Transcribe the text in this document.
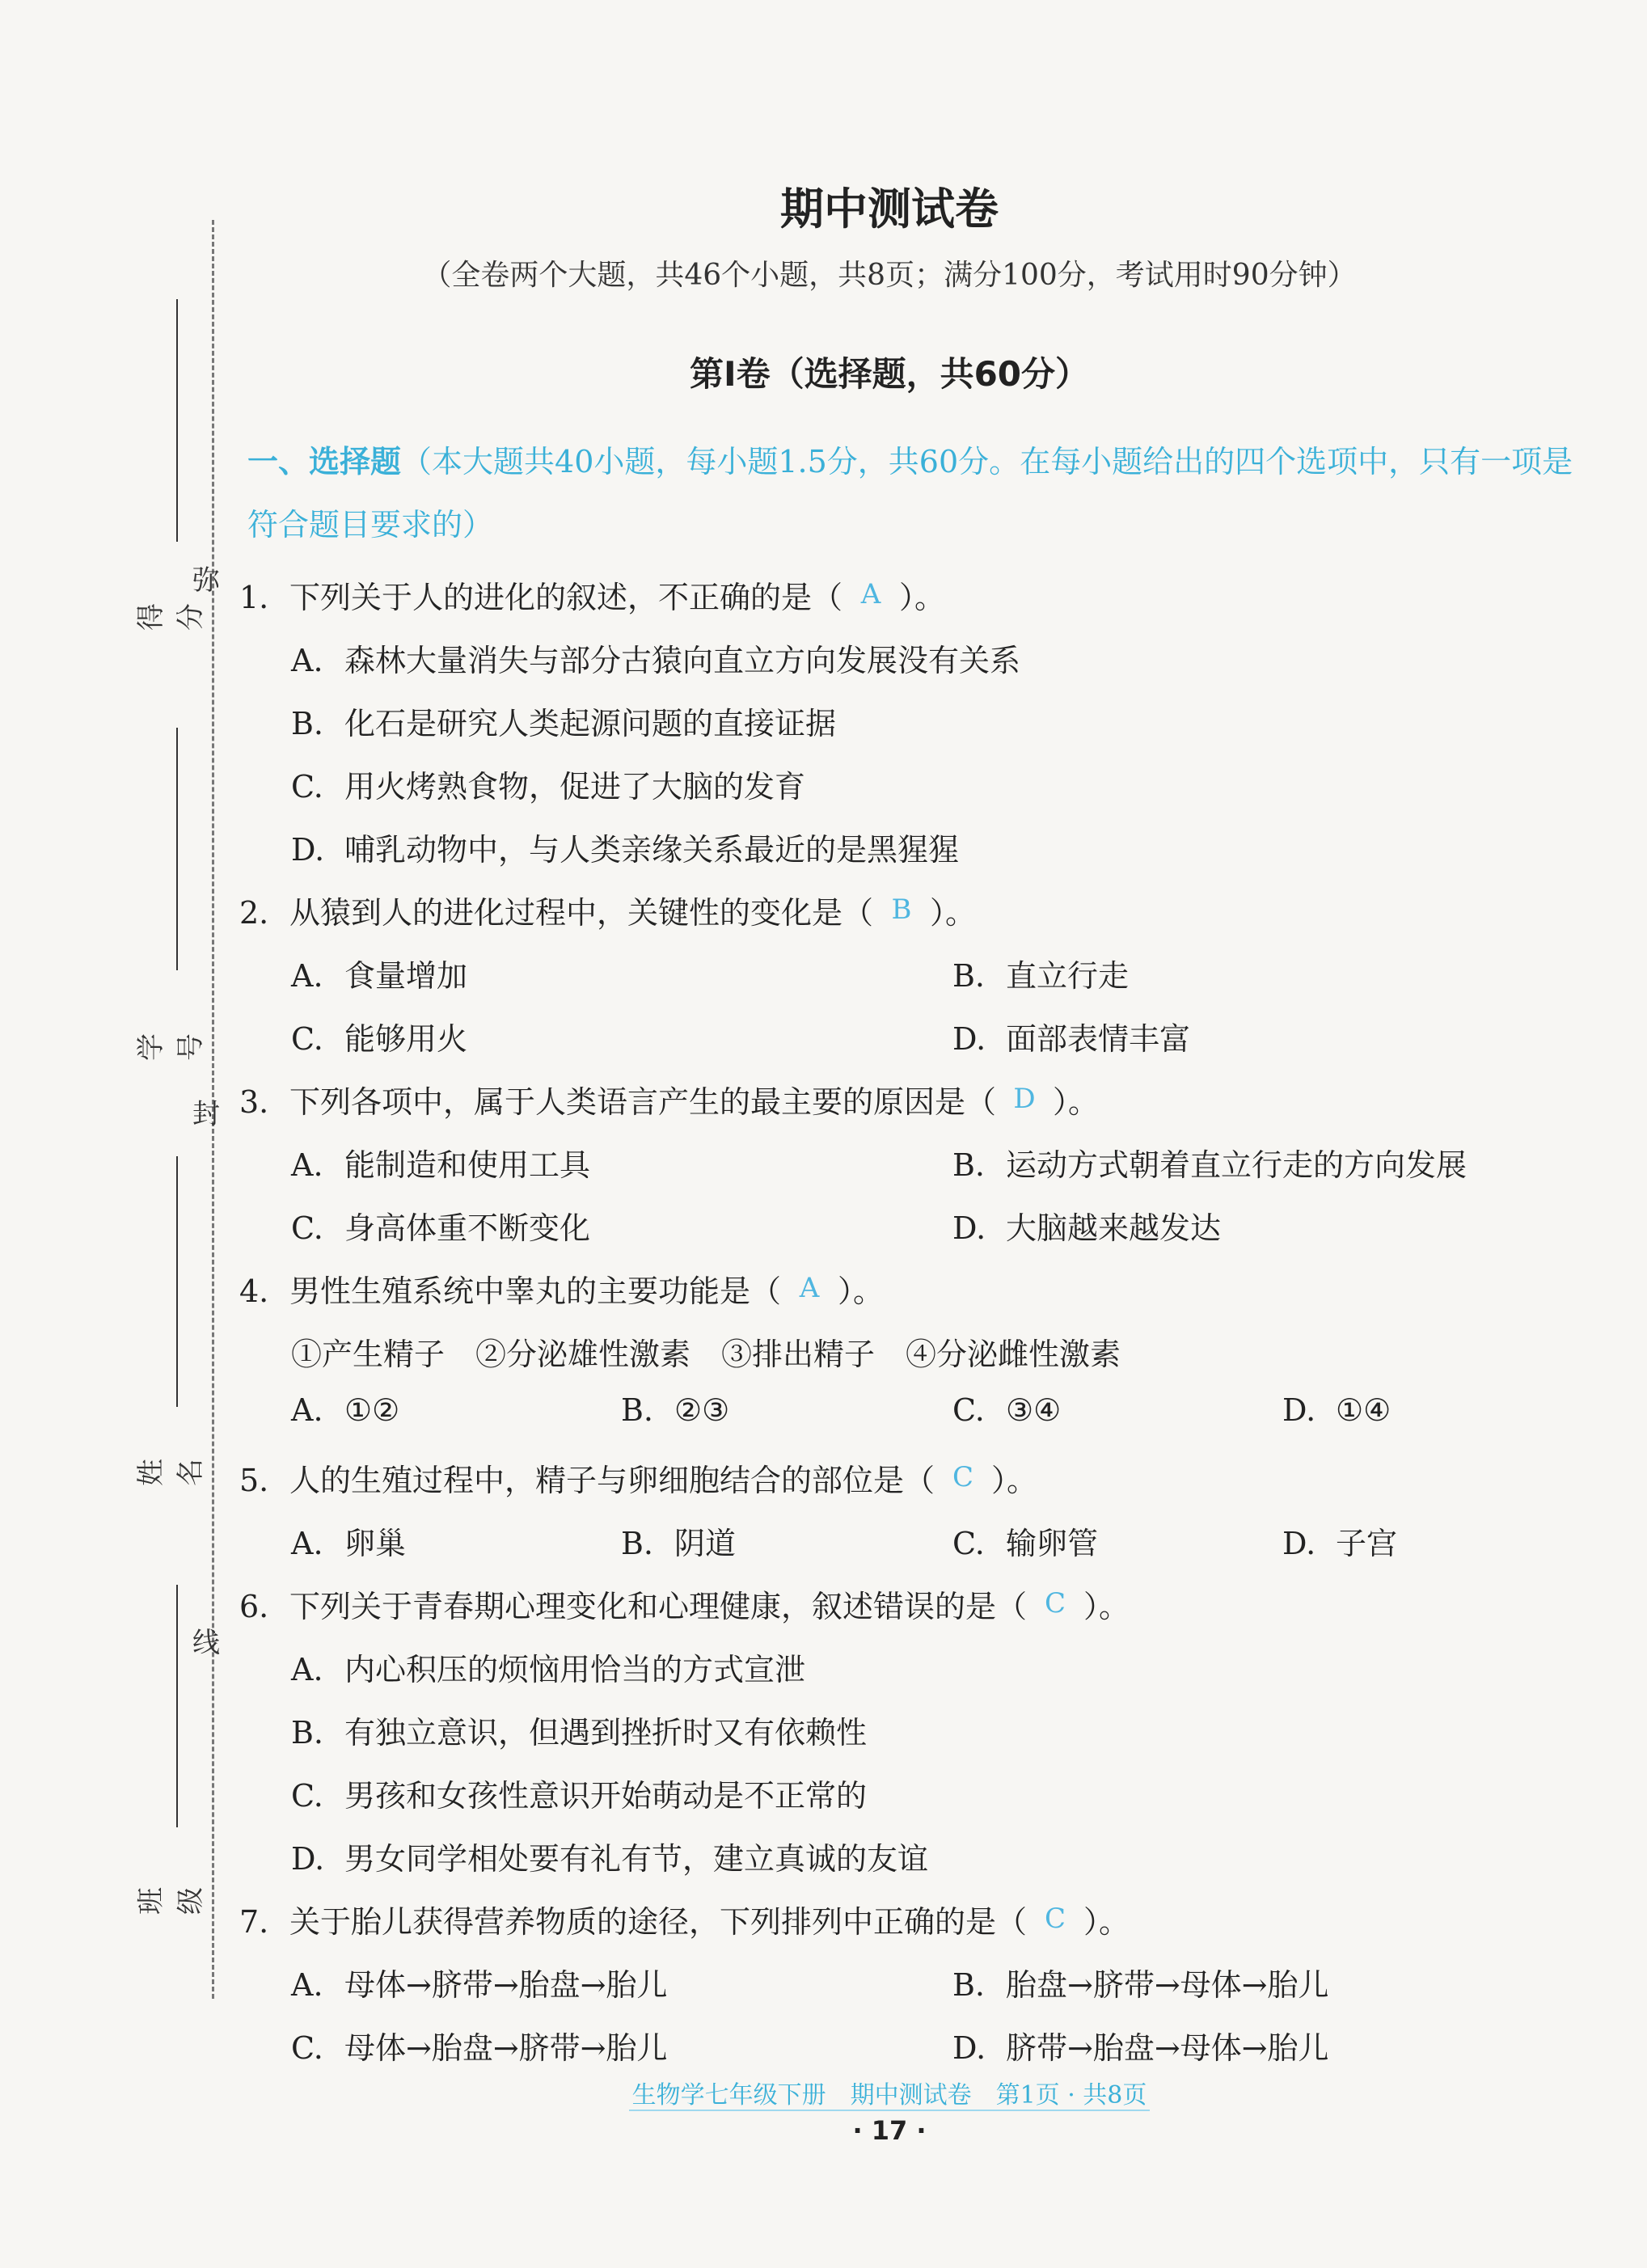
弥
封
线
得分
学号
姓名
班级
期中测试卷
（全卷两个大题，共46个小题，共8页；满分100分，考试用时90分钟）
第Ⅰ卷（选择题，共60分）
一、选择题（本大题共40小题，每小题1.5分，共60分。在每小题给出的四个选项中，只有一项是符合题目要求的）
1. 下列关于人的进化的叙述，不正确的是（ A ）。
A. 森林大量消失与部分古猿向直立方向发展没有关系
B. 化石是研究人类起源问题的直接证据
C. 用火烤熟食物，促进了大脑的发育
D. 哺乳动物中，与人类亲缘关系最近的是黑猩猩
2. 从猿到人的进化过程中，关键性的变化是（ B ）。
A. 食量增加	B. 直立行走
C. 能够用火	D. 面部表情丰富
3. 下列各项中，属于人类语言产生的最主要的原因是（ D ）。
A. 能制造和使用工具	B. 运动方式朝着直立行走的方向发展
C. 身高体重不断变化	D. 大脑越来越发达
4. 男性生殖系统中睾丸的主要功能是（ A ）。
①产生精子　②分泌雄性激素　③排出精子　④分泌雌性激素
A. ①②	B. ②③	C. ③④	D. ①④
5. 人的生殖过程中，精子与卵细胞结合的部位是（ C ）。
A. 卵巢	B. 阴道	C. 输卵管	D. 子宫
6. 下列关于青春期心理变化和心理健康，叙述错误的是（ C ）。
A. 内心积压的烦恼用恰当的方式宣泄
B. 有独立意识，但遇到挫折时又有依赖性
C. 男孩和女孩性意识开始萌动是不正常的
D. 男女同学相处要有礼有节，建立真诚的友谊
7. 关于胎儿获得营养物质的途径，下列排列中正确的是（ C ）。
A. 母体→脐带→胎盘→胎儿	B. 胎盘→脐带→母体→胎儿
C. 母体→胎盘→脐带→胎儿	D. 脐带→胎盘→母体→胎儿
生物学七年级下册　期中测试卷　第1页 · 共8页
· 17 ·
